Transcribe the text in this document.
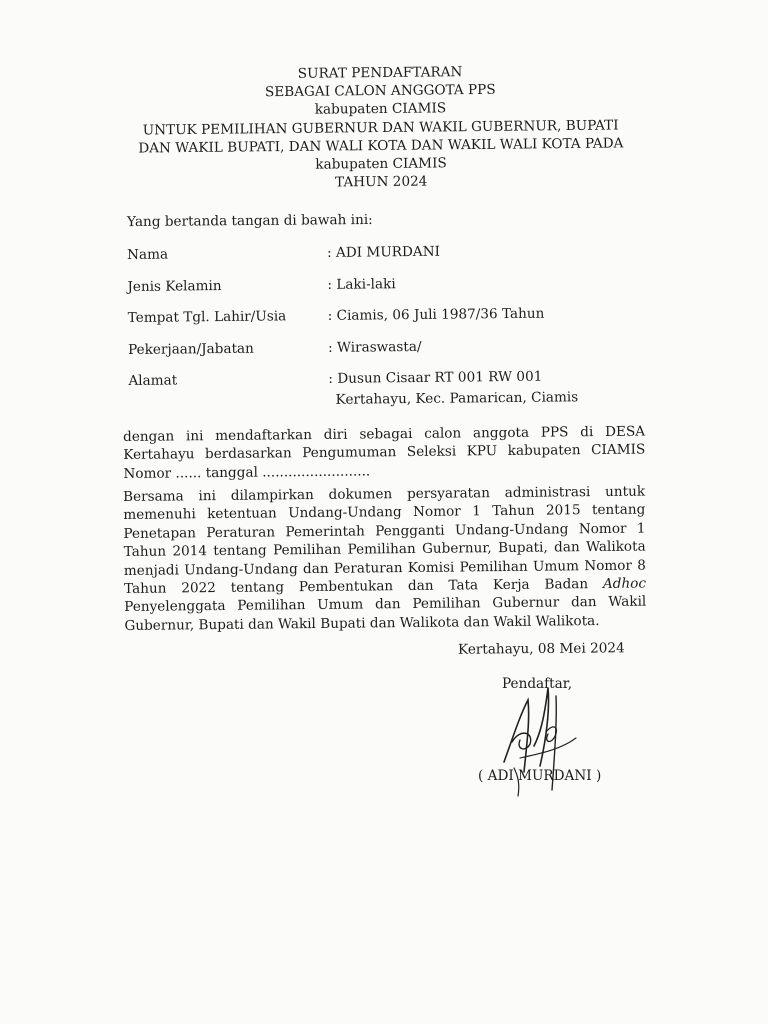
SURAT PENDAFTARAN
SEBAGAI CALON ANGGOTA PPS
kabupaten CIAMIS
UNTUK PEMILIHAN GUBERNUR DAN WAKIL GUBERNUR, BUPATI
DAN WAKIL BUPATI, DAN WALI KOTA DAN WAKIL WALI KOTA PADA
kabupaten CIAMIS
TAHUN 2024
Yang bertanda tangan di bawah ini:
Nama	: ADI MURDANI
Jenis Kelamin	: Laki-laki
Tempat Tgl. Lahir/Usia	: Ciamis, 06 Juli 1987/36 Tahun
Pekerjaan/Jabatan	: Wiraswasta/
Alamat	: Dusun Cisaar RT 001 RW 001
Kertahayu, Kec. Pamarican, Ciamis
dengan ini mendaftarkan diri sebagai calon anggota PPS di DESA Kertahayu berdasarkan Pengumuman Seleksi KPU kabupaten CIAMIS Nomor ...... tanggal .........................
Bersama ini dilampirkan dokumen persyaratan administrasi untuk memenuhi ketentuan Undang-Undang Nomor 1 Tahun 2015 tentang Penetapan Peraturan Pemerintah Pengganti Undang-Undang Nomor 1 Tahun 2014 tentang Pemilihan Pemilihan Gubernur, Bupati, dan Walikota menjadi Undang-Undang dan Peraturan Komisi Pemilihan Umum Nomor 8 Tahun 2022 tentang Pembentukan dan Tata Kerja Badan Adhoc Penyelenggata Pemilihan Umum dan Pemilihan Gubernur dan Wakil Gubernur, Bupati dan Wakil Bupati dan Walikota dan Wakil Walikota.
Kertahayu, 08 Mei 2024
Pendaftar,
( ADI MURDANI )
